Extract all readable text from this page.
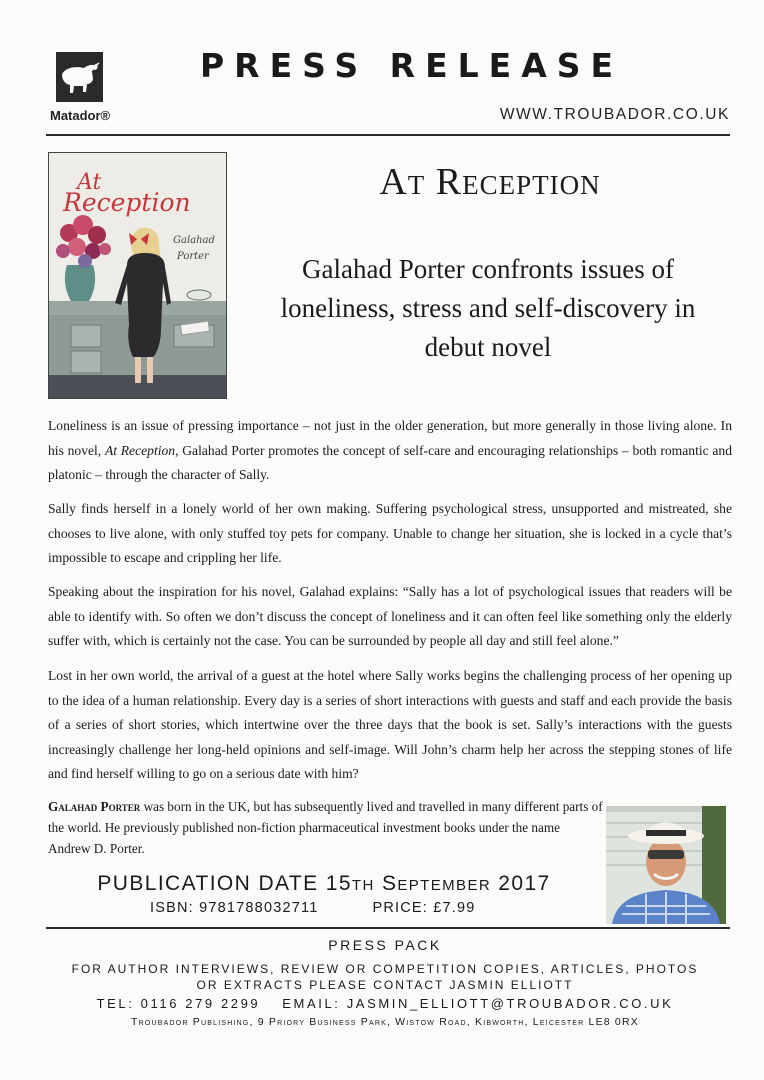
Matador®
PRESS RELEASE
WWW.TROUBADOR.CO.UK
At
Reception
Galahad
Porter
At Reception
Galahad Porter confronts issues of loneliness, stress and self-discovery in debut novel
Loneliness is an issue of pressing importance – not just in the older generation, but more generally in those living alone. In his novel, At Reception, Galahad Porter promotes the concept of self-care and encouraging relationships – both romantic and platonic – through the character of Sally.
Sally finds herself in a lonely world of her own making. Suffering psychological stress, unsupported and mistreated, she chooses to live alone, with only stuffed toy pets for company. Unable to change her situation, she is locked in a cycle that’s impossible to escape and crippling her life.
Speaking about the inspiration for his novel, Galahad explains: “Sally has a lot of psychological issues that readers will be able to identify with. So often we don’t discuss the concept of loneliness and it can often feel like something only the elderly suffer with, which is certainly not the case. You can be surrounded by people all day and still feel alone.”
Lost in her own world, the arrival of a guest at the hotel where Sally works begins the challenging process of her opening up to the idea of a human relationship. Every day is a series of short interactions with guests and staff and each provide the basis of a series of short stories, which intertwine over the three days that the book is set. Sally’s interactions with the guests increasingly challenge her long-held opinions and self-image. Will John’s charm help her across the stepping stones of life and find herself willing to go on a serious date with him?
Galahad Porter was born in the UK, but has subsequently lived and travelled in many different parts of the world. He previously published non-fiction pharmaceutical investment books under the name Andrew D. Porter.
PUBLICATION DATE 15th September 2017
ISBN: 9781788032711	PRICE: £7.99
PRESS PACK
FOR AUTHOR INTERVIEWS, REVIEW OR COMPETITION COPIES, ARTICLES, PHOTOS
OR EXTRACTS PLEASE CONTACT JASMIN ELLIOTT
TEL: 0116 279 2299 EMAIL: JASMIN_ELLIOTT@TROUBADOR.CO.UK
Troubador Publishing, 9 Priory Business Park, Wistow Road, Kibworth, Leicester LE8 0RX
